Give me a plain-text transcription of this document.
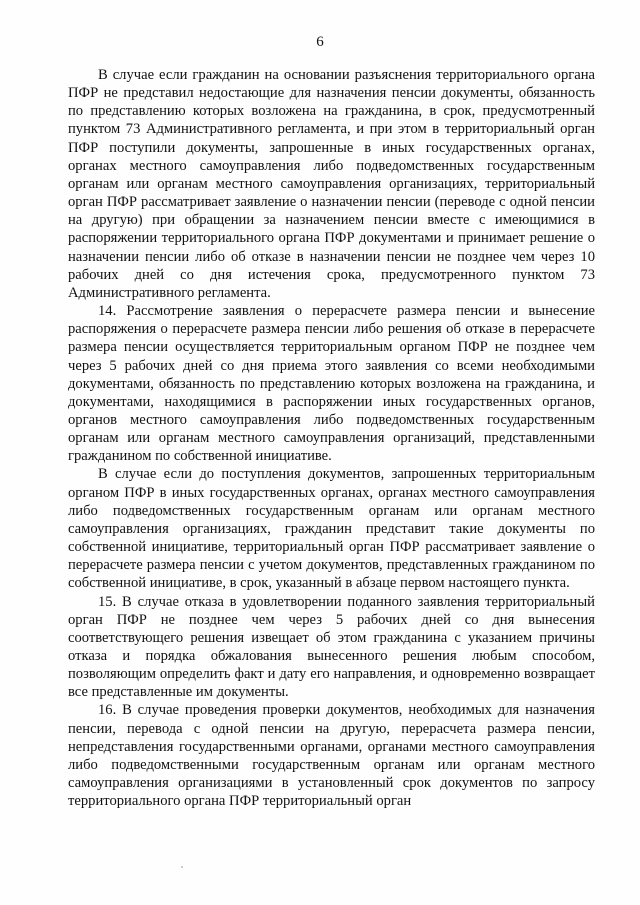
6

В случае если гражданин на основании разъяснения территориального органа ПФР не представил недостающие для назначения пенсии документы, обязанность по представлению которых возложена на гражданина, в срок, предусмотренный пунктом 73 Административного регламента, и при этом в территориальный орган ПФР поступили документы, запрошенные в иных государственных органах, органах местного самоуправления либо подведомственных государственным органам или органам местного самоуправления организациях, территориальный орган ПФР рассматривает заявление о назначении пенсии (переводе с одной пенсии на другую) при обращении за назначением пенсии вместе с имеющимися в распоряжении территориального органа ПФР документами и принимает решение о назначении пенсии либо об отказе в назначении пенсии не позднее чем через 10 рабочих дней со дня истечения срока, предусмотренного пунктом 73 Административного регламента.

14. Рассмотрение заявления о перерасчете размера пенсии и вынесение распоряжения о перерасчете размера пенсии либо решения об отказе в перерасчете размера пенсии осуществляется территориальным органом ПФР не позднее чем через 5 рабочих дней со дня приема этого заявления со всеми необходимыми документами, обязанность по представлению которых возложена на гражданина, и документами, находящимися в распоряжении иных государственных органов, органов местного самоуправления либо подведомственных государственным органам или органам местного самоуправления организаций, представленными гражданином по собственной инициативе.

В случае если до поступления документов, запрошенных территориальным органом ПФР в иных государственных органах, органах местного самоуправления либо подведомственных государственным органам или органам местного самоуправления организациях, гражданин представит такие документы по собственной инициативе, территориальный орган ПФР рассматривает заявление о перерасчете размера пенсии с учетом документов, представленных гражданином по собственной инициативе, в срок, указанный в абзаце первом настоящего пункта.

15. В случае отказа в удовлетворении поданного заявления территориальный орган ПФР не позднее чем через 5 рабочих дней со дня вынесения соответствующего решения извещает об этом гражданина с указанием причины отказа и порядка обжалования вынесенного решения любым способом, позволяющим определить факт и дату его направления, и одновременно возвращает все представленные им документы.

16. В случае проведения проверки документов, необходимых для назначения пенсии, перевода с одной пенсии на другую, перерасчета размера пенсии, непредставления государственными органами, органами местного самоуправления либо подведомственными государственным органам или органам местного самоуправления организациями в установленный срок документов по запросу территориального органа ПФР территориальный орган
